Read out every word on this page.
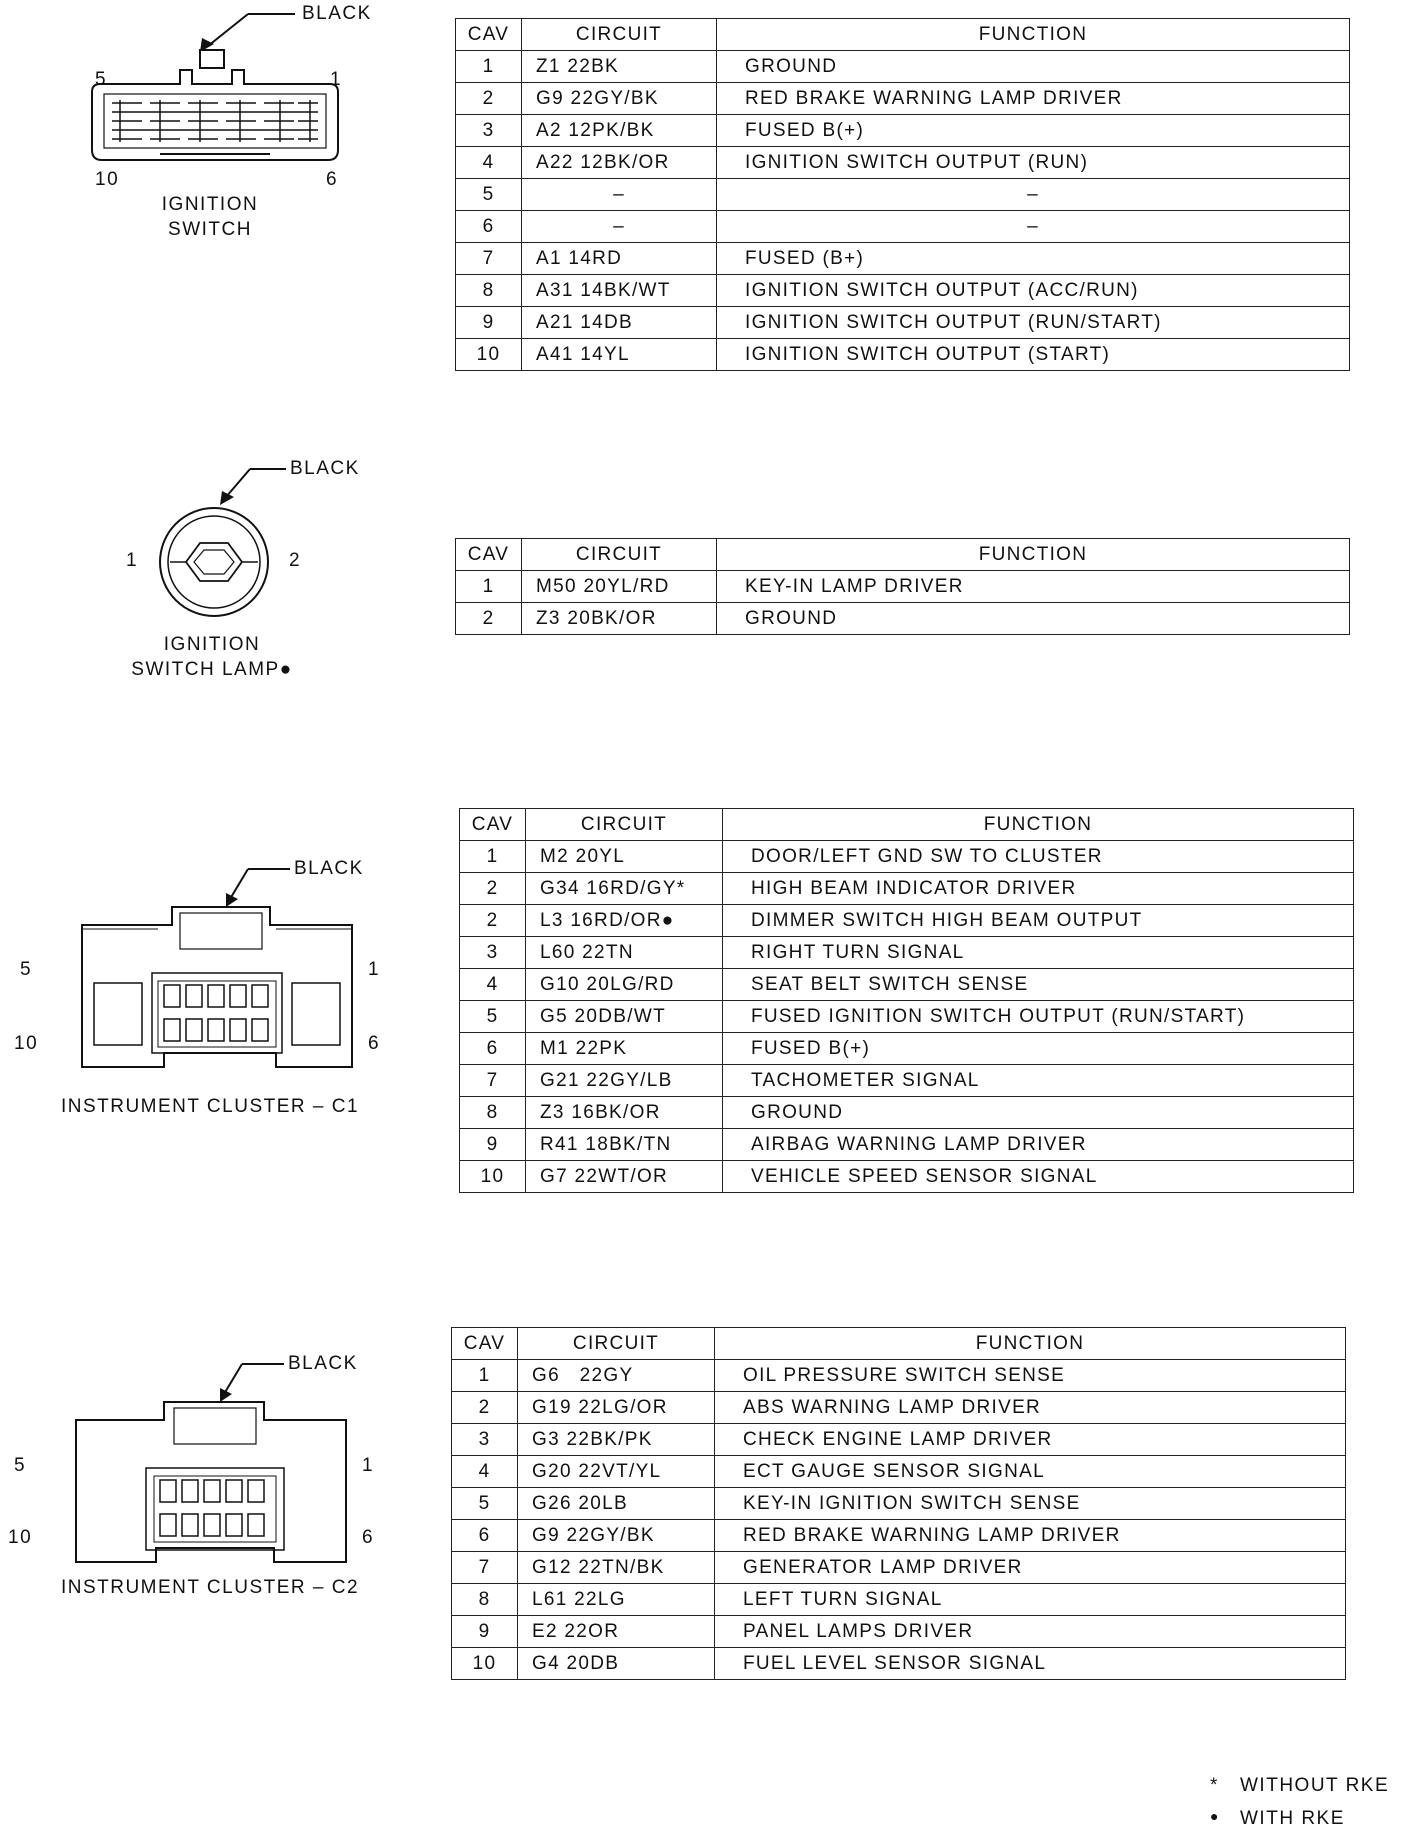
BLACK
5	1
10	6
IGNITION
SWITCH
CAV	CIRCUIT	FUNCTION
1	Z1 22BK	GROUND
2	G9 22GY/BK	RED BRAKE WARNING LAMP DRIVER
3	A2 12PK/BK	FUSED B(+)
4	A22 12BK/OR	IGNITION SWITCH OUTPUT (RUN)
5	–	–
6	–	–
7	A1 14RD	FUSED (B+)
8	A31 14BK/WT	IGNITION SWITCH OUTPUT (ACC/RUN)
9	A21 14DB	IGNITION SWITCH OUTPUT (RUN/START)
10	A41 14YL	IGNITION SWITCH OUTPUT (START)
BLACK
1	2
IGNITION
SWITCH LAMP●
CAV	CIRCUIT	FUNCTION
1	M50 20YL/RD	KEY-IN LAMP DRIVER
2	Z3 20BK/OR	GROUND
BLACK
5	1
10	6
INSTRUMENT CLUSTER – C1
CAV	CIRCUIT	FUNCTION
1	M2 20YL	DOOR/LEFT GND SW TO CLUSTER
2	G34 16RD/GY*	HIGH BEAM INDICATOR DRIVER
2	L3 16RD/OR●	DIMMER SWITCH HIGH BEAM OUTPUT
3	L60 22TN	RIGHT TURN SIGNAL
4	G10 20LG/RD	SEAT BELT SWITCH SENSE
5	G5 20DB/WT	FUSED IGNITION SWITCH OUTPUT (RUN/START)
6	M1 22PK	FUSED B(+)
7	G21 22GY/LB	TACHOMETER SIGNAL
8	Z3 16BK/OR	GROUND
9	R41 18BK/TN	AIRBAG WARNING LAMP DRIVER
10	G7 22WT/OR	VEHICLE SPEED SENSOR SIGNAL
BLACK
5	1
10	6
INSTRUMENT CLUSTER – C2
CAV	CIRCUIT	FUNCTION
1	G6   22GY	OIL PRESSURE SWITCH SENSE
2	G19 22LG/OR	ABS WARNING LAMP DRIVER
3	G3 22BK/PK	CHECK ENGINE LAMP DRIVER
4	G20 22VT/YL	ECT GAUGE SENSOR SIGNAL
5	G26 20LB	KEY-IN IGNITION SWITCH SENSE
6	G9 22GY/BK	RED BRAKE WARNING LAMP DRIVER
7	G12 22TN/BK	GENERATOR LAMP DRIVER
8	L61 22LG	LEFT TURN SIGNAL
9	E2 22OR	PANEL LAMPS DRIVER
10	G4 20DB	FUEL LEVEL SENSOR SIGNAL
* WITHOUT RKE
● WITH RKE
